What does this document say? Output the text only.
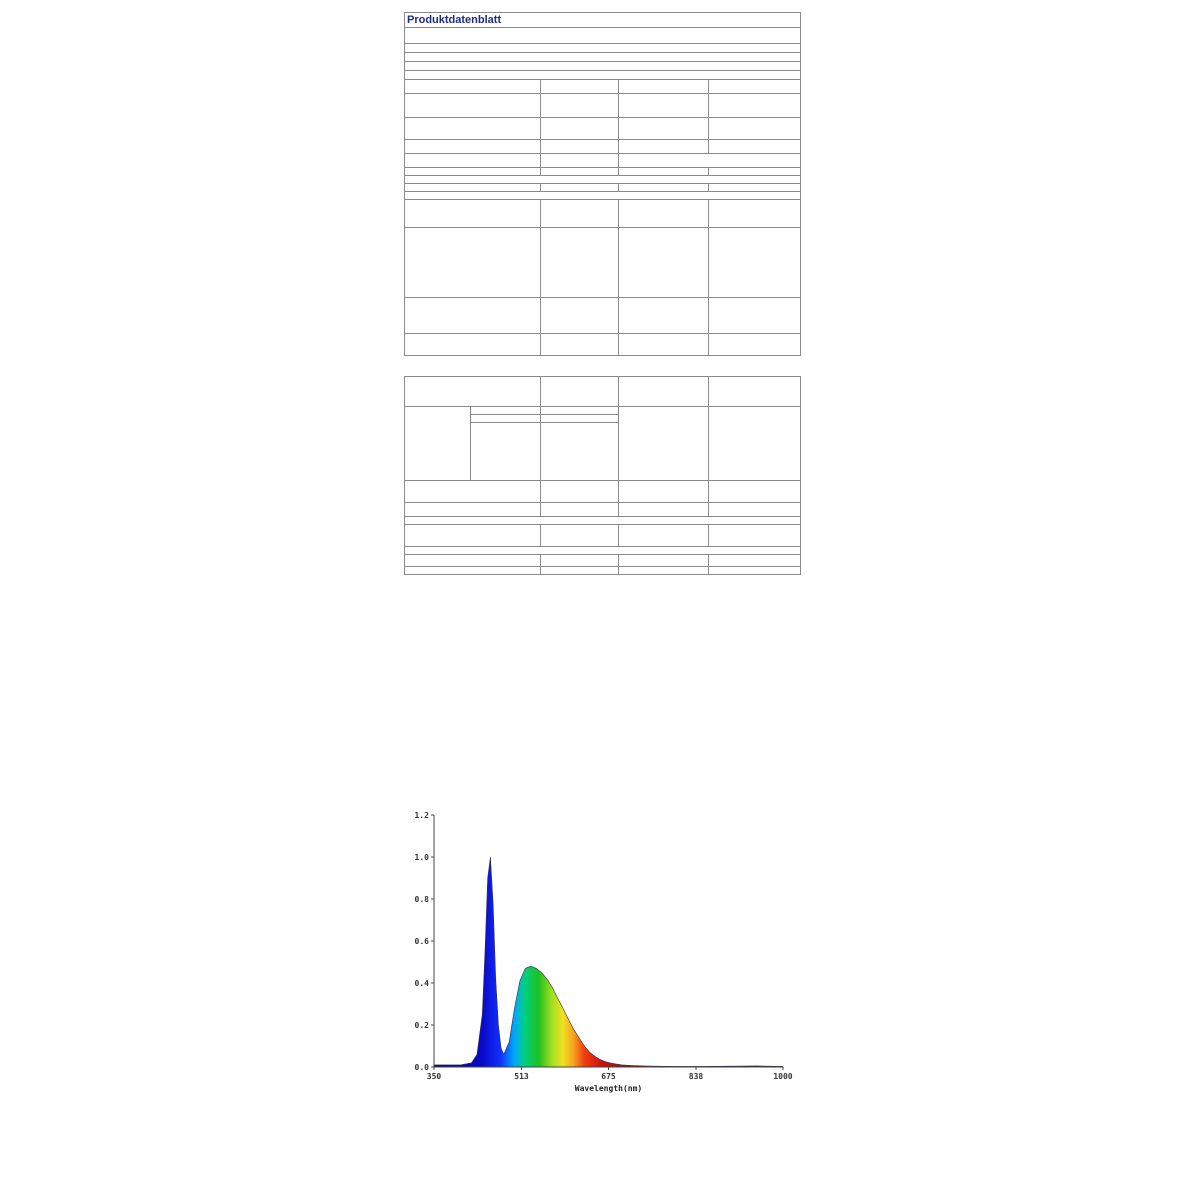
Produktdatenblatt			

350	513	675	838	1000
0.0
0.2
0.4
0.6
0.8
1.0
1.2
Wavelength(nm)
